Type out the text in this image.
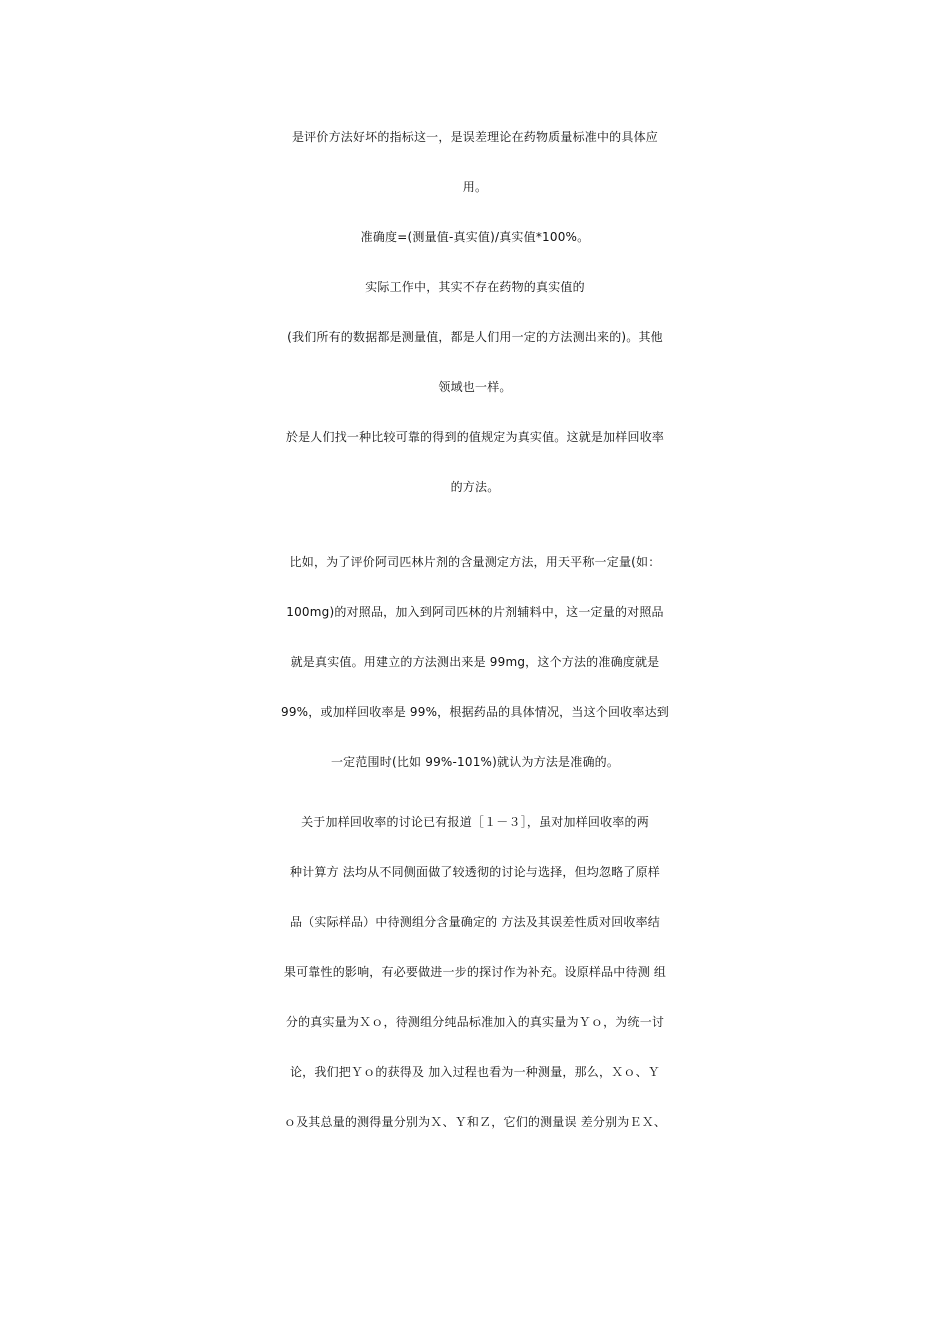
是评价方法好坏的指标这一，是误差理论在药物质量标准中的具体应
用。
准确度=(测量值-真实值)/真实值*100%。
实际工作中，其实不存在药物的真实值的
(我们所有的数据都是测量值，都是人们用一定的方法测出来的)。其他
领域也一样。
於是人们找一种比较可靠的得到的值规定为真实值。这就是加样回收率
的方法。
比如，为了评价阿司匹林片剂的含量测定方法，用天平称一定量(如：
100mg)的对照品，加入到阿司匹林的片剂辅料中，这一定量的对照品
就是真实值。用建立的方法测出来是 99mg，这个方法的准确度就是
99%，或加样回收率是 99%，根据药品的具体情况，当这个回收率达到
一定范围时(比如 99%-101%)就认为方法是准确的。
关于加样回收率的讨论已有报道［１－３］，虽对加样回收率的两
种计算方 法均从不同侧面做了较透彻的讨论与选择，但均忽略了原样
品（实际样品）中待测组分含量确定的 方法及其误差性质对回收率结
果可靠性的影响，有必要做进一步的探讨作为补充。设原样品中待测 组
分的真实量为Ｘｏ，待测组分纯品标准加入的真实量为Ｙｏ，为统一讨
论，我们把Ｙｏ的获得及 加入过程也看为一种测量，那么，Ｘｏ、Ｙ
ｏ及其总量的测得量分别为Ｘ、Ｙ和Ｚ，它们的测量误 差分别为ＥＸ、
